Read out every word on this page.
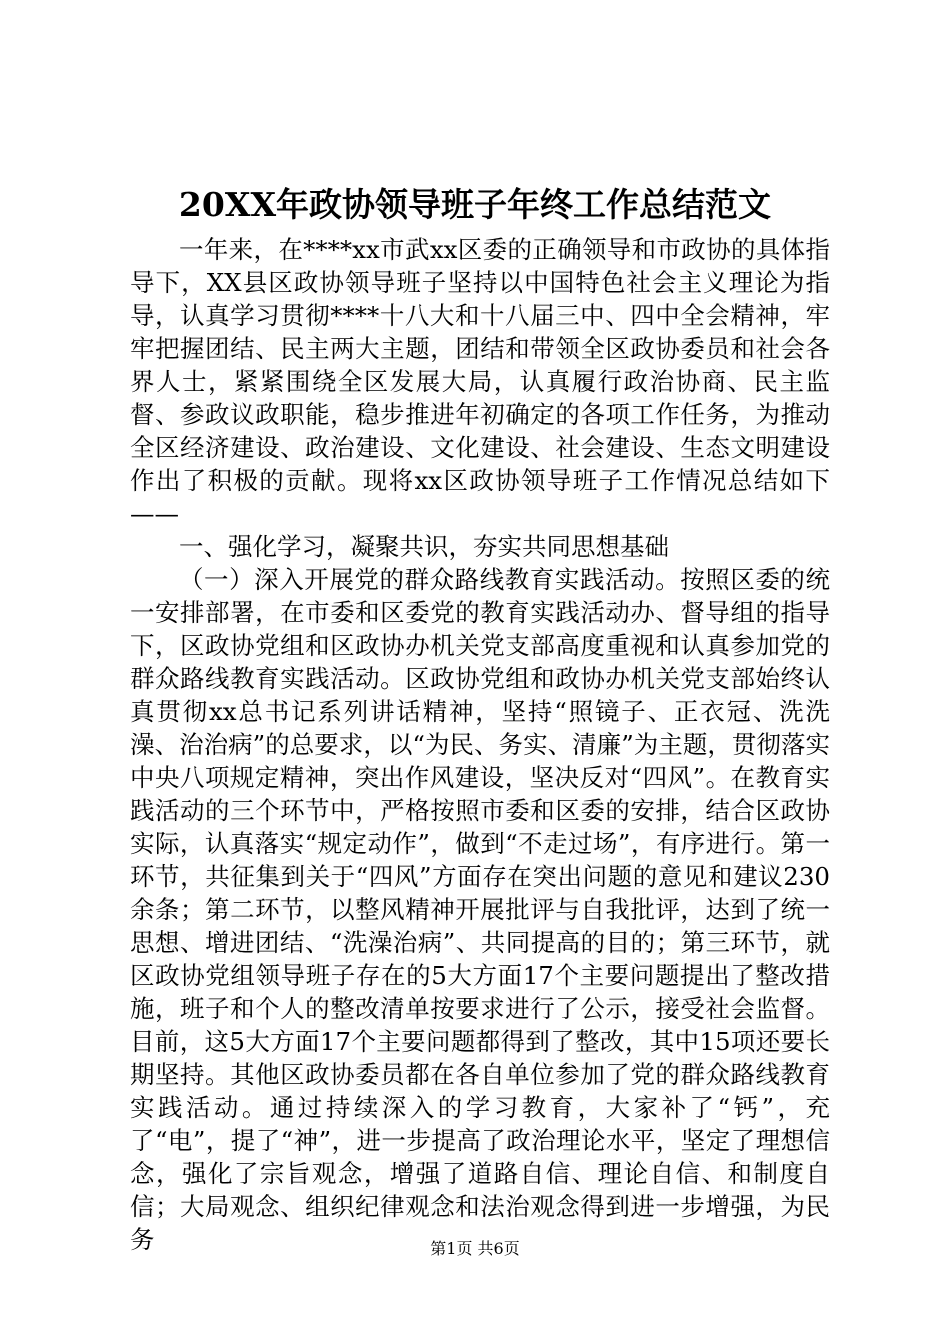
20XX年政协领导班子年终工作总结范文

一年来，在****xx市武xx区委的正确领导和市政协的具体指导下，XX县区政协领导班子坚持以中国特色社会主义理论为指导，认真学习贯彻****十八大和十八届三中、四中全会精神，牢牢把握团结、民主两大主题，团结和带领全区政协委员和社会各界人士，紧紧围绕全区发展大局，认真履行政治协商、民主监督、参政议政职能，稳步推进年初确定的各项工作任务，为推动全区经济建设、政治建设、文化建设、社会建设、生态文明建设作出了积极的贡献。现将xx区政协领导班子工作情况总结如下——

一、强化学习，凝聚共识，夯实共同思想基础

（一）深入开展党的群众路线教育实践活动。按照区委的统一安排部署，在市委和区委党的教育实践活动办、督导组的指导下，区政协党组和区政协办机关党支部高度重视和认真参加党的群众路线教育实践活动。区政协党组和政协办机关党支部始终认真贯彻xx总书记系列讲话精神，坚持“照镜子、正衣冠、洗洗澡、治治病”的总要求，以“为民、务实、清廉”为主题，贯彻落实中央八项规定精神，突出作风建设，坚决反对“四风”。在教育实践活动的三个环节中，严格按照市委和区委的安排，结合区政协实际，认真落实“规定动作”，做到“不走过场”，有序进行。第一环节，共征集到关于“四风”方面存在突出问题的意见和建议230余条；第二环节，以整风精神开展批评与自我批评，达到了统一思想、增进团结、“洗澡治病”、共同提高的目的；第三环节，就区政协党组领导班子存在的5大方面17个主要问题提出了整改措施，班子和个人的整改清单按要求进行了公示，接受社会监督。目前，这5大方面17个主要问题都得到了整改，其中15项还要长期坚持。其他区政协委员都在各自单位参加了党的群众路线教育实践活动。通过持续深入的学习教育，大家补了“钙”，充了“电”，提了“神”，进一步提高了政治理论水平，坚定了理想信念，强化了宗旨观念，增强了道路自信、理论自信、和制度自信；大局观念、组织纪律观念和法治观念得到进一步增强，为民务	第1页 共6页
